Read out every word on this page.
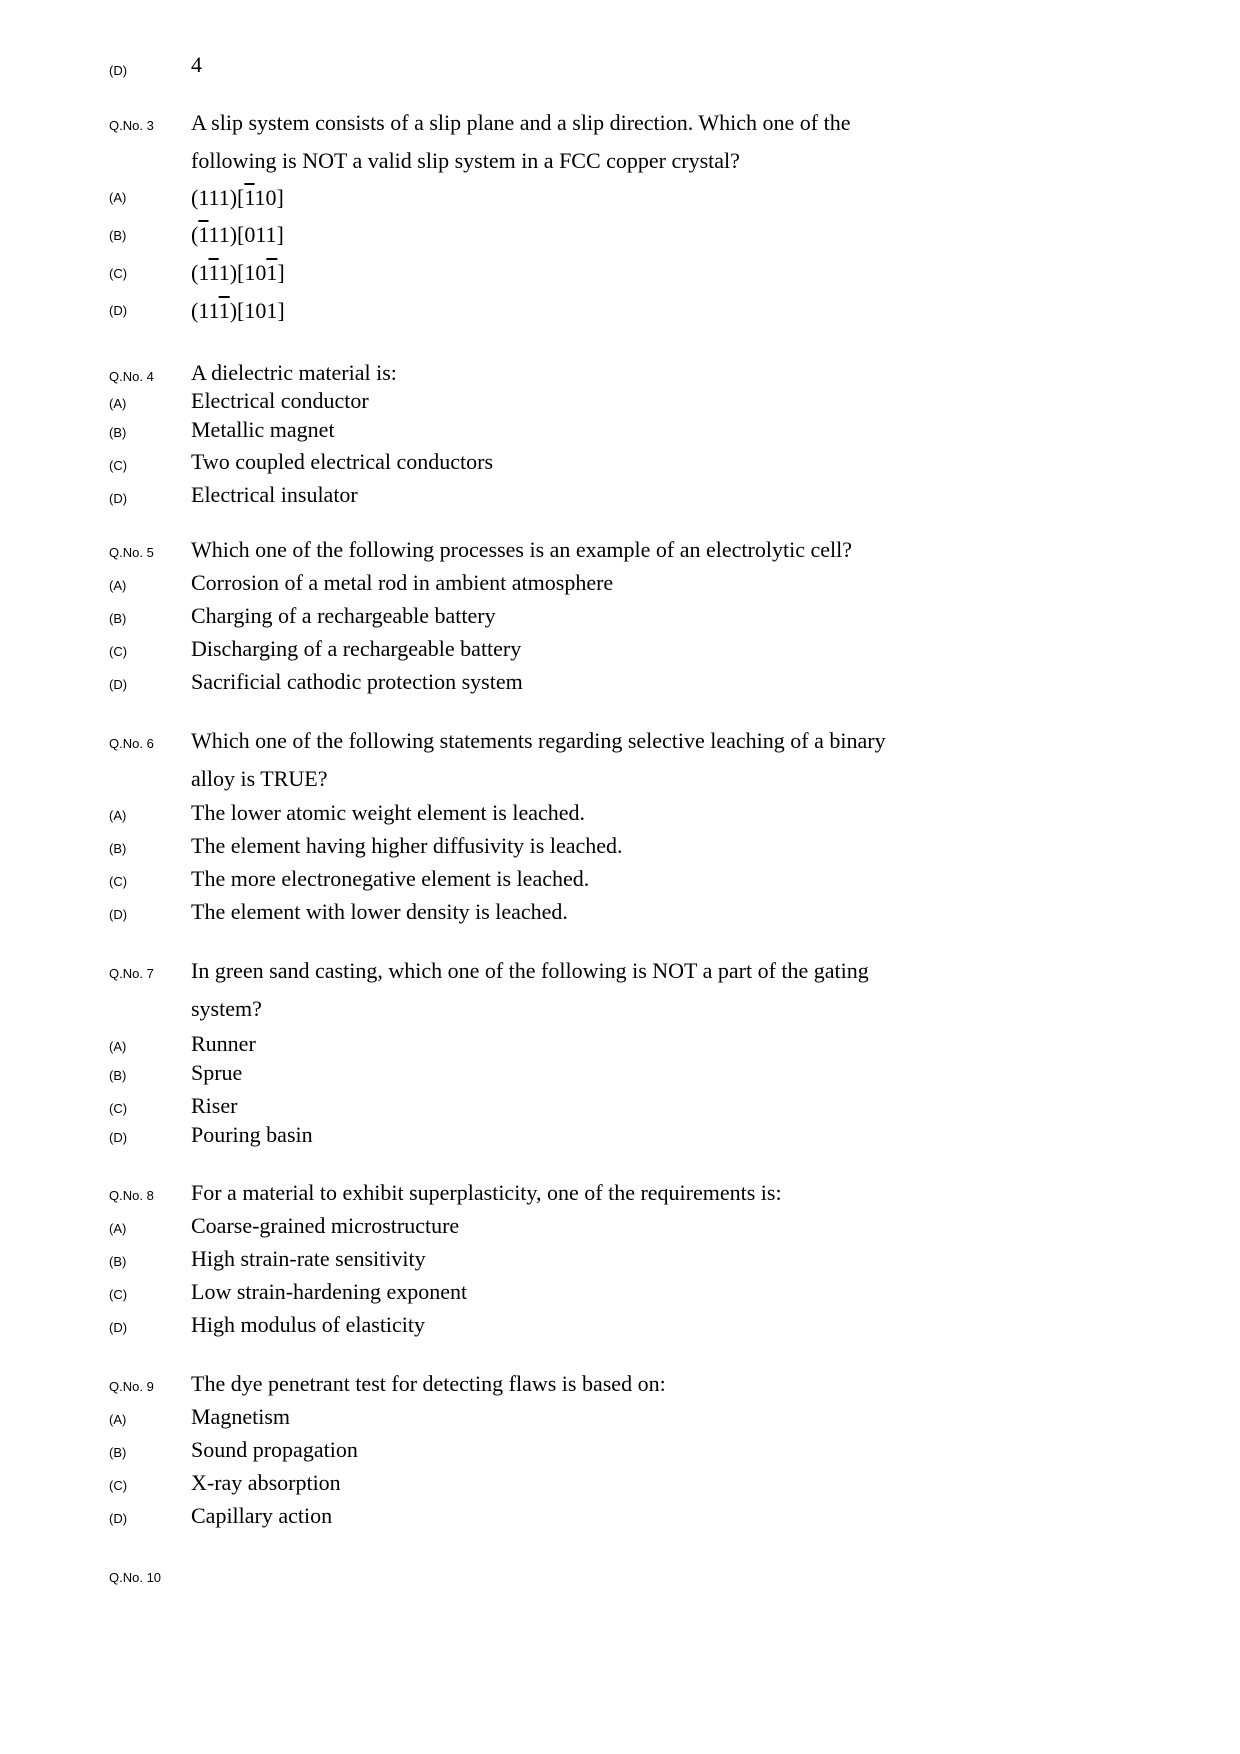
(D)	4
Q.No. 3 A slip system consists of a slip plane and a slip direction. Which one of the
following is NOT a valid slip system in a FCC copper crystal?
(A)	(111)[110]
(B)	(111)[011]
(C)	(111)[101]
(D)	(111)[101]
Q.No. 4 A dielectric material is:
(A)	Electrical conductor
(B)	Metallic magnet
(C)	Two coupled electrical conductors
(D)	Electrical insulator
Q.No. 5 Which one of the following processes is an example of an electrolytic cell?
(A)	Corrosion of a metal rod in ambient atmosphere
(B)	Charging of a rechargeable battery
(C)	Discharging of a rechargeable battery
(D)	Sacrificial cathodic protection system
Q.No. 6 Which one of the following statements regarding selective leaching of a binary
alloy is TRUE?
(A)	The lower atomic weight element is leached.
(B)	The element having higher diffusivity is leached.
(C)	The more electronegative element is leached.
(D)	The element with lower density is leached.
Q.No. 7 In green sand casting, which one of the following is NOT a part of the gating
system?
(A)	Runner
(B)	Sprue
(C)	Riser
(D)	Pouring basin
Q.No. 8 For a material to exhibit superplasticity, one of the requirements is:
(A)	Coarse-grained microstructure
(B)	High strain-rate sensitivity
(C)	Low strain-hardening exponent
(D)	High modulus of elasticity
Q.No. 9 The dye penetrant test for detecting flaws is based on:
(A)	Magnetism
(B)	Sound propagation
(C)	X-ray absorption
(D)	Capillary action
Q.No. 10
